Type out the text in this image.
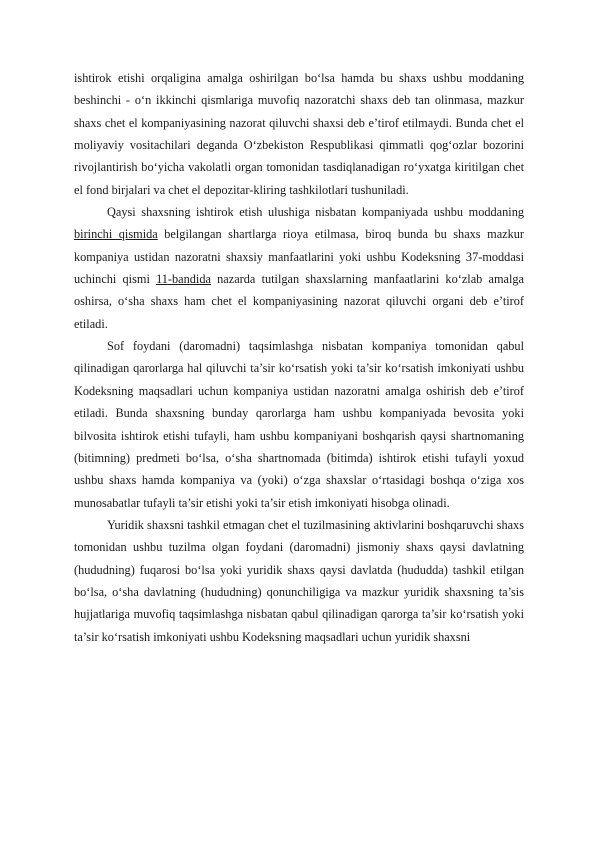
ishtirok etishi orqaligina amalga oshirilgan bo‘lsa hamda bu shaxs ushbu moddaning beshinchi - o‘n ikkinchi qismlariga muvofiq nazoratchi shaxs deb tan olinmasa, mazkur shaxs chet el kompaniyasining nazorat qiluvchi shaxsi deb e’tirof etilmaydi. Bunda chet el moliyaviy vositachilari deganda O‘zbekiston Respublikasi qimmatli qog‘ozlar bozorini rivojlantirish bo‘yicha vakolatli organ tomonidan tasdiqlanadigan ro‘yxatga kiritilgan chet el fond birjalari va chet el depozitar-kliring tashkilotlari tushuniladi.

Qaysi shaxsning ishtirok etish ulushiga nisbatan kompaniyada ushbu moddaning birinchi qismida belgilangan shartlarga rioya etilmasa, biroq bunda bu shaxs mazkur kompaniya ustidan nazoratni shaxsiy manfaatlarini yoki ushbu Kodeksning 37-moddasi uchinchi qismi 11-bandida nazarda tutilgan shaxslarning manfaatlarini ko‘zlab amalga oshirsa, o‘sha shaxs ham chet el kompaniyasining nazorat qiluvchi organi deb e’tirof etiladi.

Sof foydani (daromadni) taqsimlashga nisbatan kompaniya tomonidan qabul qilinadigan qarorlarga hal qiluvchi ta’sir ko‘rsatish yoki ta’sir ko‘rsatish imkoniyati ushbu Kodeksning maqsadlari uchun kompaniya ustidan nazoratni amalga oshirish deb e’tirof etiladi. Bunda shaxsning bunday qarorlarga ham ushbu kompaniyada bevosita yoki bilvosita ishtirok etishi tufayli, ham ushbu kompaniyani boshqarish qaysi shartnomaning (bitimning) predmeti bo‘lsa, o‘sha shartnomada (bitimda) ishtirok etishi tufayli yoxud ushbu shaxs hamda kompaniya va (yoki) o‘zga shaxslar o‘rtasidagi boshqa o‘ziga xos munosabatlar tufayli ta’sir etishi yoki ta’sir etish imkoniyati hisobga olinadi.

Yuridik shaxsni tashkil etmagan chet el tuzilmasining aktivlarini boshqaruvchi shaxs tomonidan ushbu tuzilma olgan foydani (daromadni) jismoniy shaxs qaysi davlatning (hududning) fuqarosi bo‘lsa yoki yuridik shaxs qaysi davlatda (hududda) tashkil etilgan bo‘lsa, o‘sha davlatning (hududning) qonunchiligiga va mazkur yuridik shaxsning ta’sis hujjatlariga muvofiq taqsimlashga nisbatan qabul qilinadigan qarorga ta’sir ko‘rsatish yoki ta’sir ko‘rsatish imkoniyati ushbu Kodeksning maqsadlari uchun yuridik shaxsni
